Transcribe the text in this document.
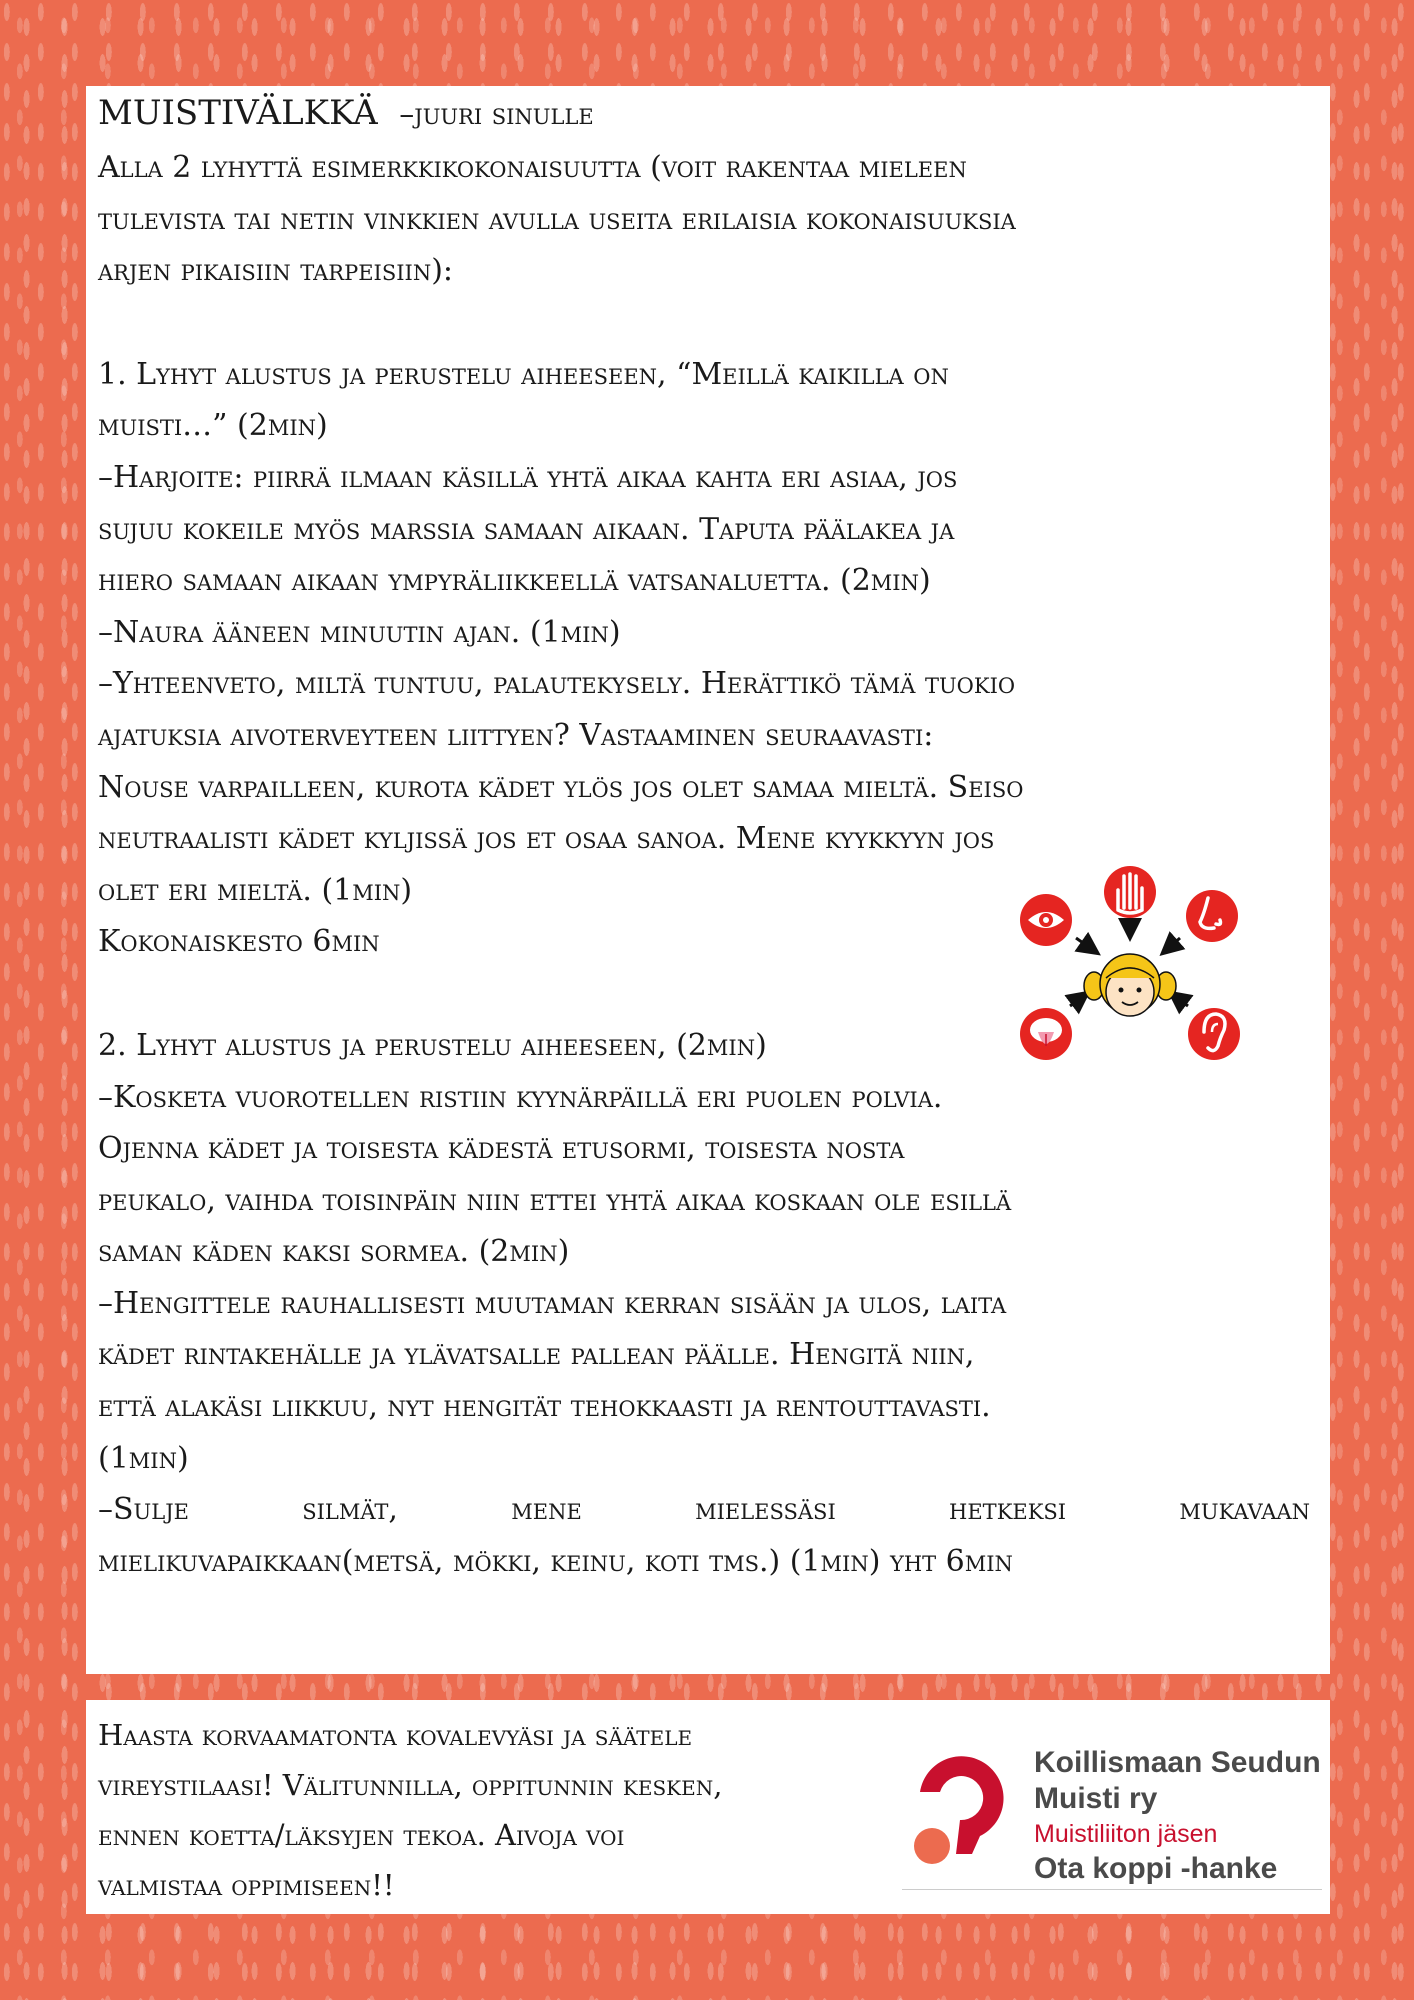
MUISTIVÄLKKÄ –juuri sinulle

Alla 2 lyhyttä esimerkkikokonaisuutta (voit rakentaa mieleen

tulevista tai netin vinkkien avulla useita erilaisia kokonaisuuksia

arjen pikaisiin tarpeisiin):

1. Lyhyt alustus ja perustelu aiheeseen, “Meillä kaikilla on

muisti…” (2min)

–Harjoite: piirrä ilmaan käsillä yhtä aikaa kahta eri asiaa, jos

sujuu kokeile myös marssia samaan aikaan. Taputa päälakea ja

hiero samaan aikaan ympyräliikkeellä vatsanaluetta. (2min)

–Naura ääneen minuutin ajan. (1min)

–Yhteenveto, miltä tuntuu, palautekysely. Herättikö tämä tuokio

ajatuksia aivoterveyteen liittyen? Vastaaminen seuraavasti:

Nouse varpailleen, kurota kädet ylös jos olet samaa mieltä. Seiso

neutraalisti kädet kyljissä jos et osaa sanoa. Mene kyykkyyn jos

olet eri mieltä. (1min)

Kokonaiskesto 6min

2. Lyhyt alustus ja perustelu aiheeseen, (2min)

–Kosketa vuorotellen ristiin kyynärpäillä eri puolen polvia.

Ojenna kädet ja toisesta kädestä etusormi, toisesta nosta

peukalo, vaihda toisinpäin niin ettei yhtä aikaa koskaan ole esillä

saman käden kaksi sormea. (2min)

–Hengittele rauhallisesti muutaman kerran sisään ja ulos, laita

kädet rintakehälle ja ylävatsalle pallean päälle. Hengitä niin,

että alakäsi liikkuu, nyt hengität tehokkaasti ja rentouttavasti.

(1min)

–Sulje silmät, mene mielessäsi hetkeksi mukavaan

mielikuvapaikkaan(metsä, mökki, keinu, koti tms.) (1min) yht 6min

Haasta korvaamatonta kovalevyäsi ja säätele

vireystilaasi! Välitunnilla, oppitunnin kesken,

ennen koetta/läksyjen tekoa. Aivoja voi

valmistaa oppimiseen!!

Koillismaan Seudun
Muisti ry
Muistiliiton jäsen
Ota koppi -hanke
